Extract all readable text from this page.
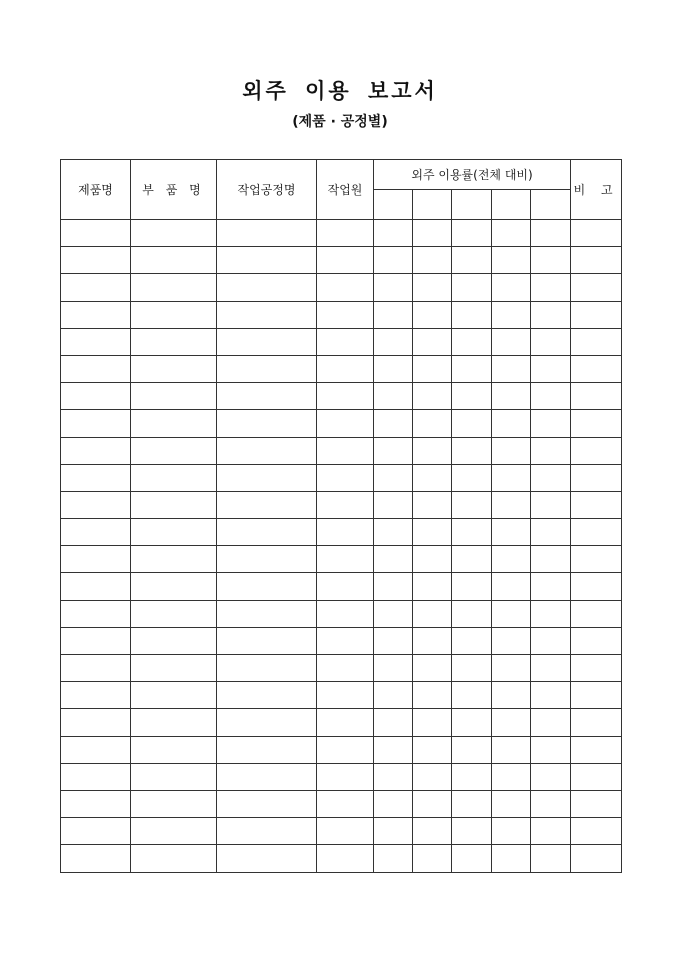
외주 이용 보고서
(제품 · 공정별)
제품명	부 품 명	작업공정명	작업원	외주 이용률(전체 대비)					비 고
